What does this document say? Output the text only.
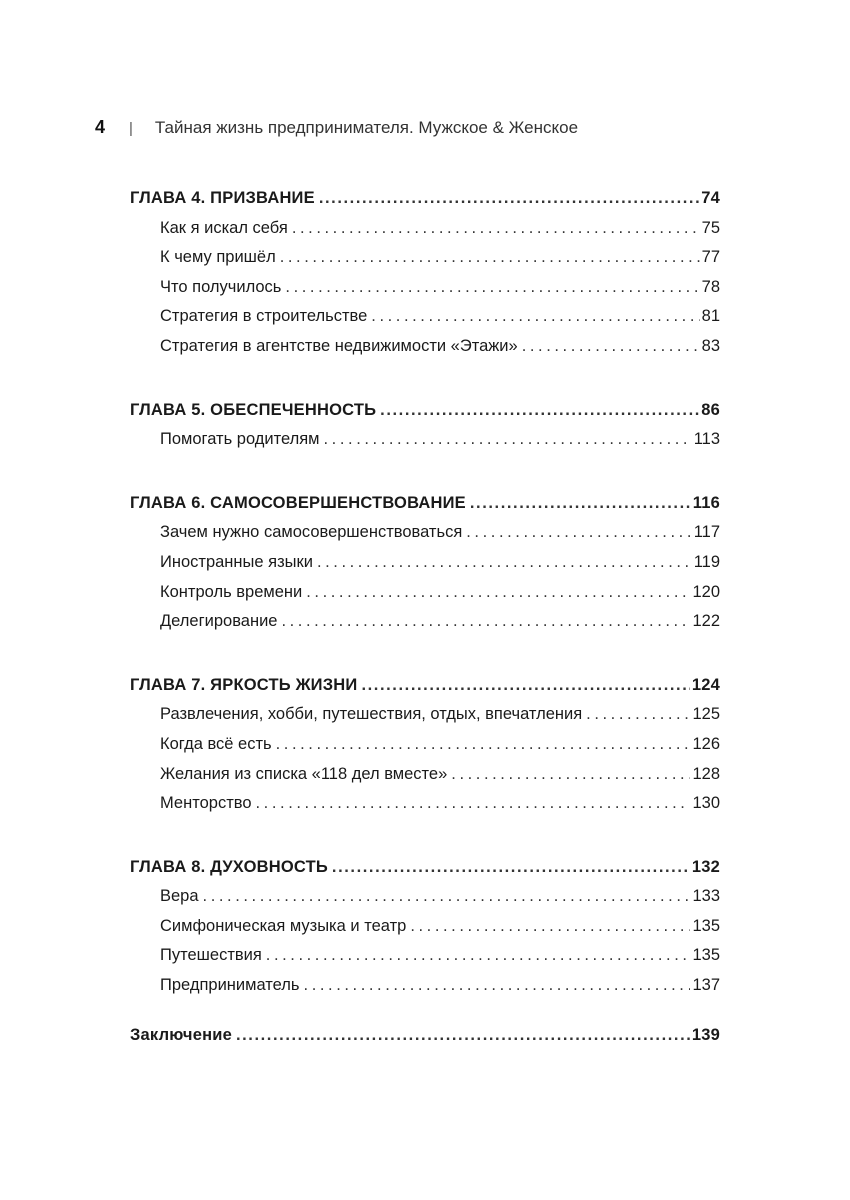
4 | Тайная жизнь предпринимателя. Мужское & Женское
ГЛАВА 4. ПРИЗВАНИЕ . . .	74
Как я искал себя . . .	75
К чему пришёл . . .	77
Что получилось . . .	78
Стратегия в строительстве . . .	81
Стратегия в агентстве недвижимости «Этажи» . . .	83
ГЛАВА 5. ОБЕСПЕЧЕННОСТЬ . . .	86
Помогать родителям . . .	113
ГЛАВА 6. САМОСОВЕРШЕНСТВОВАНИЕ . . .	116
Зачем нужно самосовершенствоваться . . .	117
Иностранные языки . . .	119
Контроль времени . . .	120
Делегирование . . .	122
ГЛАВА 7. ЯРКОСТЬ ЖИЗНИ . . .	124
Развлечения, хобби, путешествия, отдых, впечатления . . .	125
Когда всё есть . . .	126
Желания из списка «118 дел вместе» . . .	128
Менторство . . .	130
ГЛАВА 8. ДУХОВНОСТЬ . . .	132
Вера . . .	133
Симфоническая музыка и театр . . .	135
Путешествия . . .	135
Предприниматель . . .	137
Заключение . . .	139
